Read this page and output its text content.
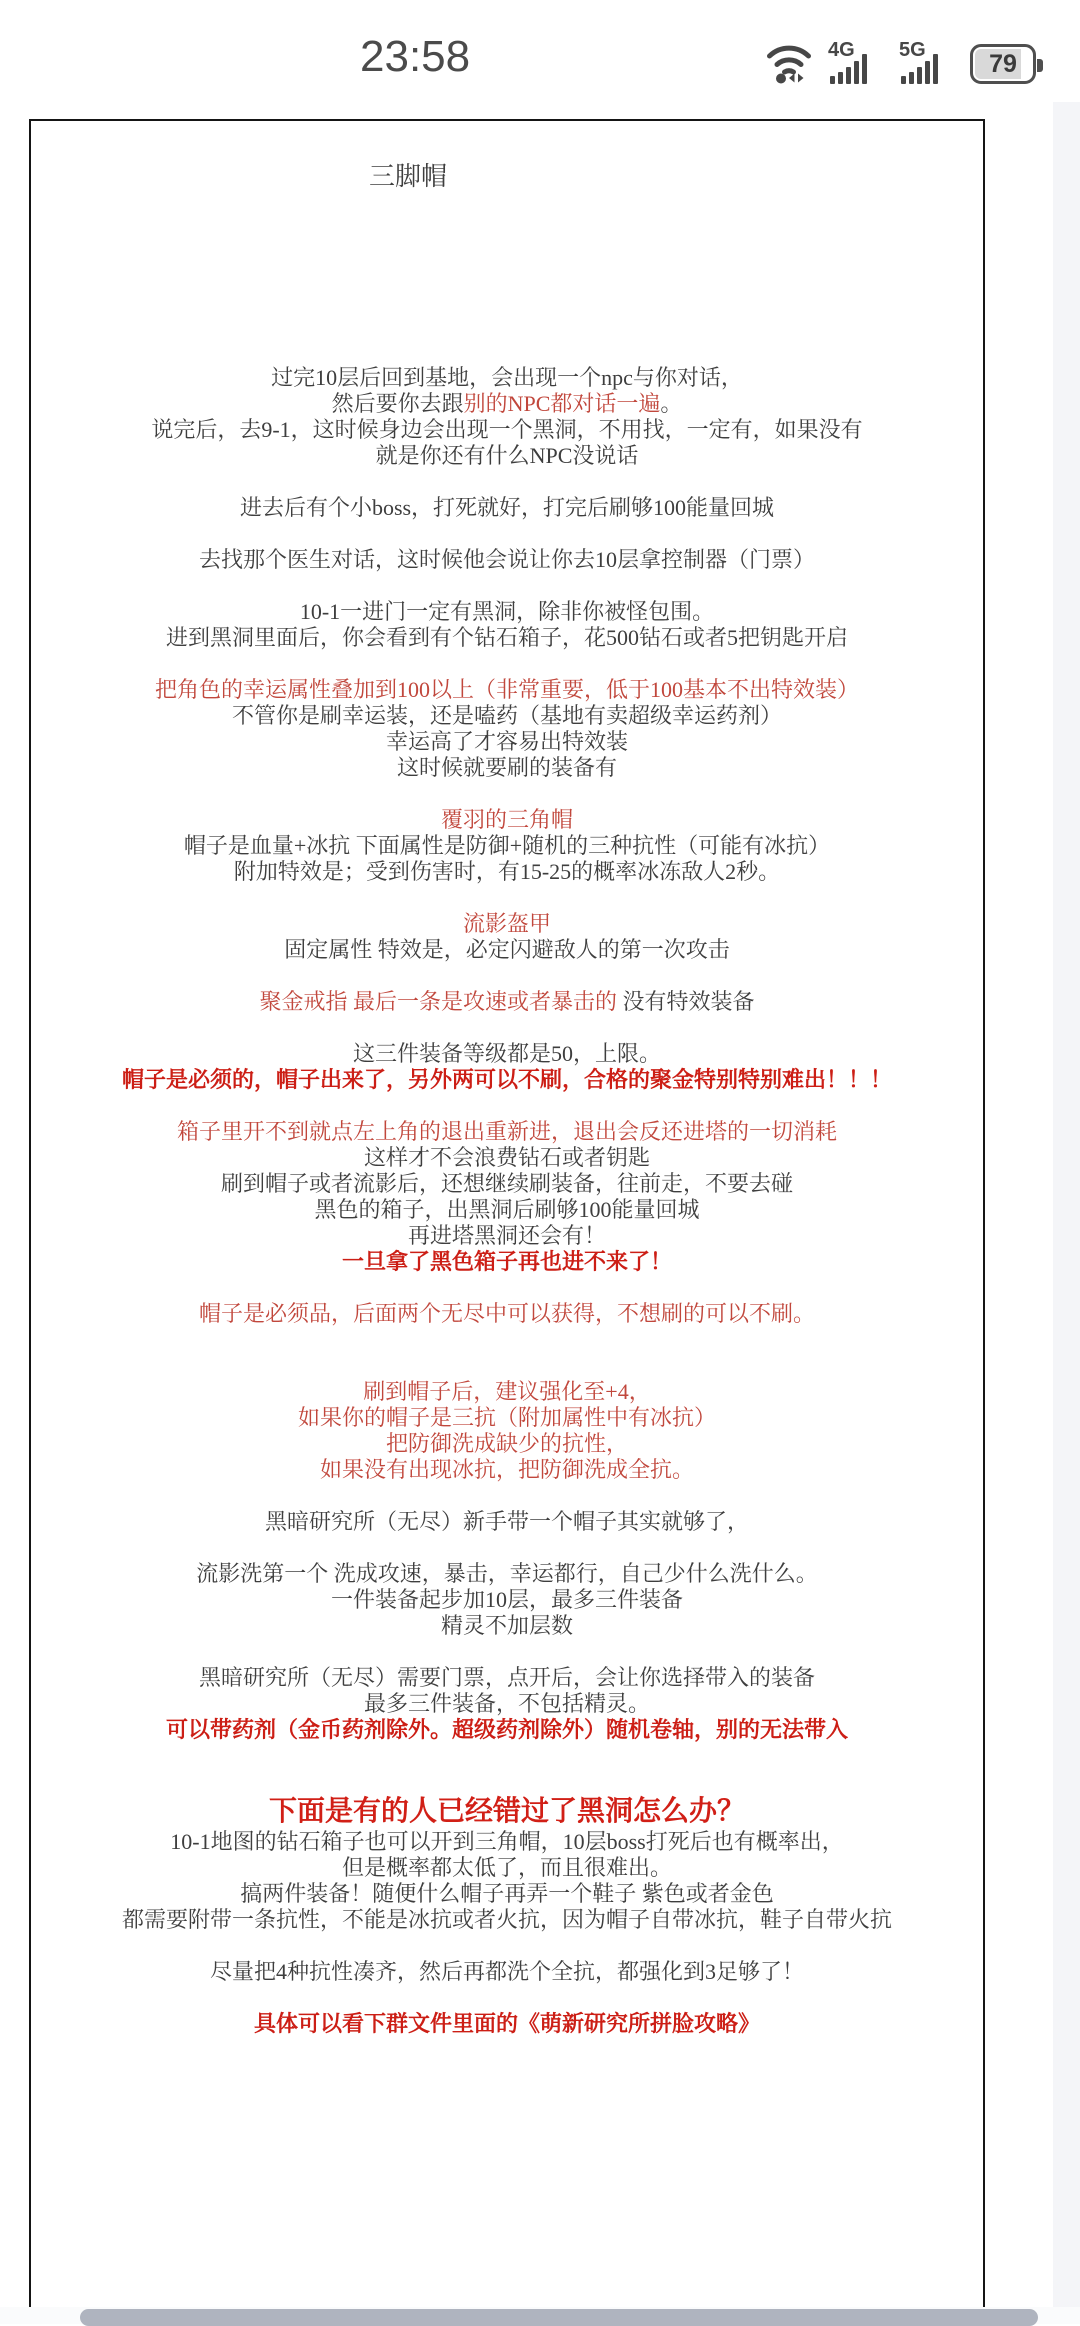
23:58	4G 5G	79
三脚帽
过完10层后回到基地，会出现一个npc与你对话，
然后要你去跟别的NPC都对话一遍。
说完后，去9-1，这时候身边会出现一个黑洞，不用找，一定有，如果没有
就是你还有什么NPC没说话

进去后有个小boss，打死就好，打完后刷够100能量回城

去找那个医生对话，这时候他会说让你去10层拿控制器（门票）

10-1一进门一定有黑洞，除非你被怪包围。
进到黑洞里面后，你会看到有个钻石箱子，花500钻石或者5把钥匙开启

把角色的幸运属性叠加到100以上（非常重要，低于100基本不出特效装）
不管你是刷幸运装，还是嗑药（基地有卖超级幸运药剂）
幸运高了才容易出特效装
这时候就要刷的装备有

覆羽的三角帽
帽子是血量+冰抗 下面属性是防御+随机的三种抗性（可能有冰抗）
附加特效是；受到伤害时，有15-25的概率冰冻敌人2秒。

流影盔甲
固定属性 特效是，必定闪避敌人的第一次攻击

聚金戒指 最后一条是攻速或者暴击的 没有特效装备

这三件装备等级都是50，上限。
帽子是必须的，帽子出来了，另外两可以不刷，合格的聚金特别特别难出！！！

箱子里开不到就点左上角的退出重新进，退出会反还进塔的一切消耗
这样才不会浪费钻石或者钥匙
刷到帽子或者流影后，还想继续刷装备，往前走，不要去碰
黑色的箱子，出黑洞后刷够100能量回城
再进塔黑洞还会有！
一旦拿了黑色箱子再也进不来了！

帽子是必须品，后面两个无尽中可以获得，不想刷的可以不刷。

刷到帽子后，建议强化至+4，
如果你的帽子是三抗（附加属性中有冰抗）
把防御洗成缺少的抗性，
如果没有出现冰抗，把防御洗成全抗。

黑暗研究所（无尽）新手带一个帽子其实就够了，

流影洗第一个 洗成攻速，暴击，幸运都行，自己少什么洗什么。
一件装备起步加10层，最多三件装备
精灵不加层数

黑暗研究所（无尽）需要门票，点开后，会让你选择带入的装备
最多三件装备，不包括精灵。
可以带药剂（金币药剂除外。超级药剂除外）随机卷轴，别的无法带入

下面是有的人已经错过了黑洞怎么办？
10-1地图的钻石箱子也可以开到三角帽，10层boss打死后也有概率出，
但是概率都太低了，而且很难出。
搞两件装备！随便什么帽子再弄一个鞋子 紫色或者金色
都需要附带一条抗性，不能是冰抗或者火抗，因为帽子自带冰抗，鞋子自带火抗

尽量把4种抗性凑齐，然后再都洗个全抗，都强化到3足够了！

具体可以看下群文件里面的《萌新研究所拼脸攻略》
